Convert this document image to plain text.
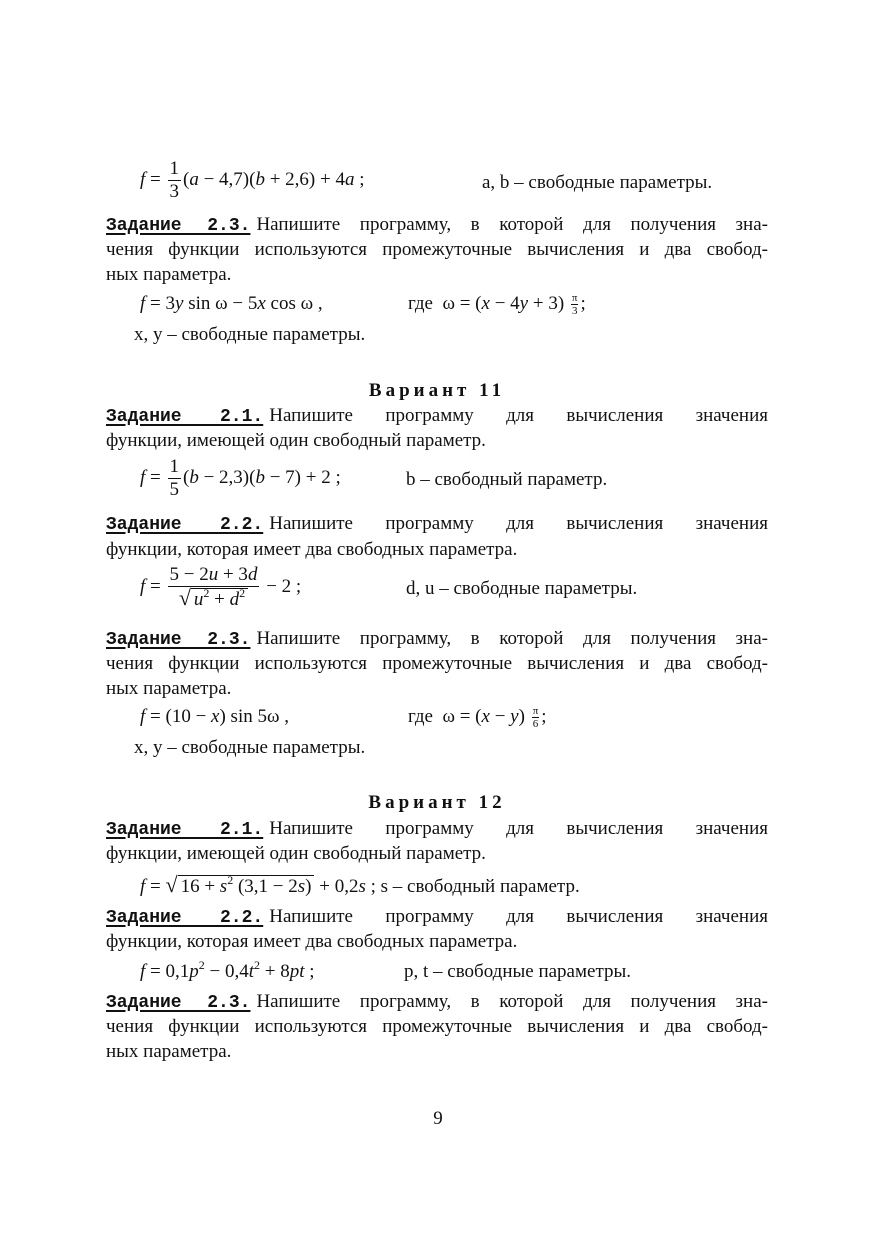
$f = \frac{1}{3} (a - 4,7)(b + 2,6) + 4a$ ;	a, b – свободные параметры.
Задание 2.3. Напишите программу, в которой для получения зна-
чения функции используются промежуточные вычисления и два свобод-
ных параметра.
f = 3y sin ω − 5x cos ω ,	где  $\omega = (x - 4y + 3) \frac{\pi}{3}$ ;
x, y – свободные параметры.
Вариант 11
Задание 2.1. Напишите программу для вычисления значения
функции, имеющей один свободный параметр.
$f = \frac{1}{5} (b - 2,3)(b - 7) + 2$ ;	b – свободный параметр.
Задание 2.2. Напишите программу для вычисления значения
функции, которая имеет два свободных параметра.
$f = \frac{5 - 2u + 3d}{√ u^2 + d^2} - 2$ ;	d, u – свободные параметры.
Задание 2.3. Напишите программу, в которой для получения зна-
чения функции используются промежуточные вычисления и два свобод-
ных параметра.
f = (10 − x) sin 5ω ,	где  $\omega = (x - y) \frac{\pi}{6}$ ;
x, y – свободные параметры.
Вариант 12
Задание 2.1. Напишите программу для вычисления значения
функции, имеющей один свободный параметр.
f = √ $16 + s^2$ (3,1 − 2s) + 0,2s ; s – свободный параметр.
Задание 2.2. Напишите программу для вычисления значения
функции, которая имеет два свободных параметра.
$f = 0,1p^2 - 0,4t^2 + 8pt$ ;	p, t – свободные параметры.
Задание 2.3. Напишите программу, в которой для получения зна-
чения функции используются промежуточные вычисления и два свобод-
ных параметра.
9
